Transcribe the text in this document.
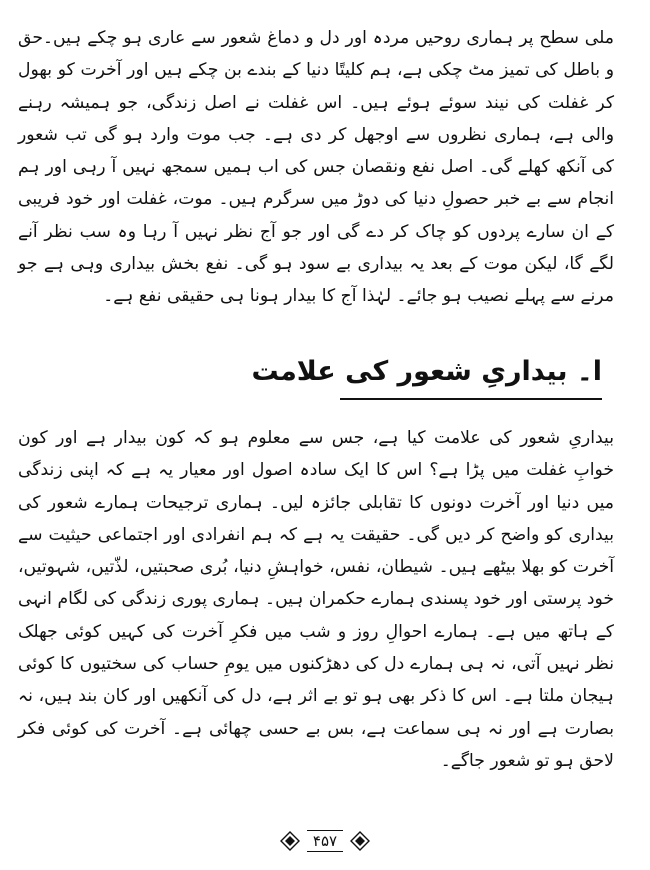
ملی سطح پر ہماری روحیں مردہ اور دل و دماغ شعور سے عاری ہو چکے ہیں۔حق و باطل کی تمیز مٹ چکی ہے، ہم کلیتًا دنیا کے بندے بن چکے ہیں اور آخرت کو بھول کر غفلت کی نیند سوئے ہوئے ہیں۔ اس غفلت نے اصل زندگی، جو ہمیشہ رہنے والی ہے، ہماری نظروں سے اوجھل کر دی ہے۔ جب موت وارد ہو گی تب شعور کی آنکھ کھلے گی۔ اصل نفع ونقصان جس کی اب ہمیں سمجھ نہیں آ رہی اور ہم انجام سے بے خبر حصولِ دنیا کی دوڑ میں سرگرم ہیں۔ موت، غفلت اور خود فریبی کے ان سارے پردوں کو چاک کر دے گی اور جو آج نظر نہیں آ رہا وہ سب نظر آنے لگے گا، لیکن موت کے بعد یہ بیداری بے سود ہو گی۔ نفع بخش بیداری وہی ہے جو مرنے سے پہلے نصیب ہو جائے۔ لہٰذا آج کا بیدار ہونا ہی حقیقی نفع ہے۔

ا۔ بیداریِ شعور کی علامت

بیداریِ شعور کی علامت کیا ہے، جس سے معلوم ہو کہ کون بیدار ہے اور کون خوابِ غفلت میں پڑا ہے؟ اس کا ایک سادہ اصول اور معیار یہ ہے کہ اپنی زندگی میں دنیا اور آخرت دونوں کا تقابلی جائزہ لیں۔ ہماری ترجیحات ہمارے شعور کی بیداری کو واضح کر دیں گی۔ حقیقت یہ ہے کہ ہم انفرادی اور اجتماعی حیثیت سے آخرت کو بھلا بیٹھے ہیں۔ شیطان، نفس، خواہشِ دنیا، بُری صحبتیں، لذّتیں، شہوتیں، خود پرستی اور خود پسندی ہمارے حکمران ہیں۔ ہماری پوری زندگی کی لگام انہی کے ہاتھ میں ہے۔ ہمارے احوالِ روز و شب میں فکرِ آخرت کی کہیں کوئی جھلک نظر نہیں آتی، نہ ہی ہمارے دل کی دھڑکنوں میں یومِ حساب کی سختیوں کا کوئی ہیجان ملتا ہے۔ اس کا ذکر بھی ہو تو بے اثر ہے، دل کی آنکھیں اور کان بند ہیں، نہ بصارت ہے اور نہ ہی سماعت ہے، بس بے حسی چھائی ہے۔ آخرت کی کوئی فکر لاحق ہو تو شعور جاگے۔

۴۵۷
